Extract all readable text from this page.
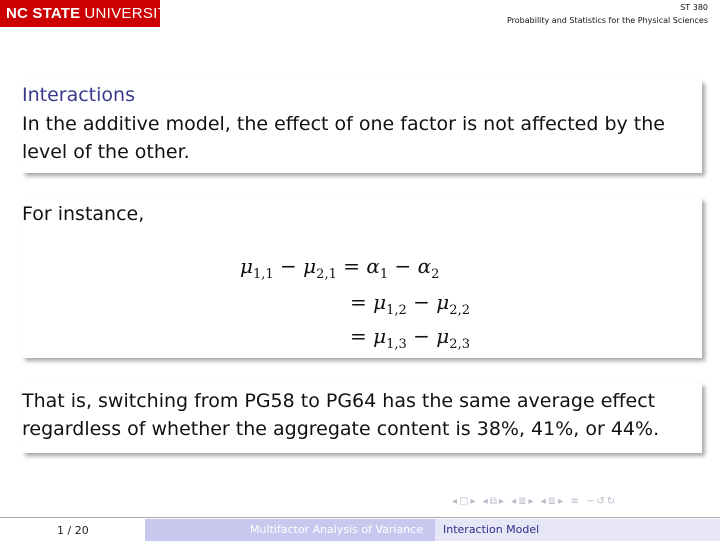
NC STATE UNIVERSITY	ST 380
Probability and Statistics for the Physical Sciences
Interactions
In the additive model, the effect of one factor is not affected by the
level of the other.
For instance,
$\mu_{1,1} - \mu_{2,1} = \alpha_1 - \alpha_2$
= $\mu_{1,2} - \mu_{2,2}$
= $\mu_{1,3} - \mu_{2,3}$
That is, switching from PG58 to PG64 has the same average effect
regardless of whether the aggregate content is 38%, 41%, or 44%.
◂□▸ ◂⧉▸ ◂≣▸ ◂≣▸ ≡ ∽↺↻
1 / 20	Multifactor Analysis of Variance	Interaction Model
